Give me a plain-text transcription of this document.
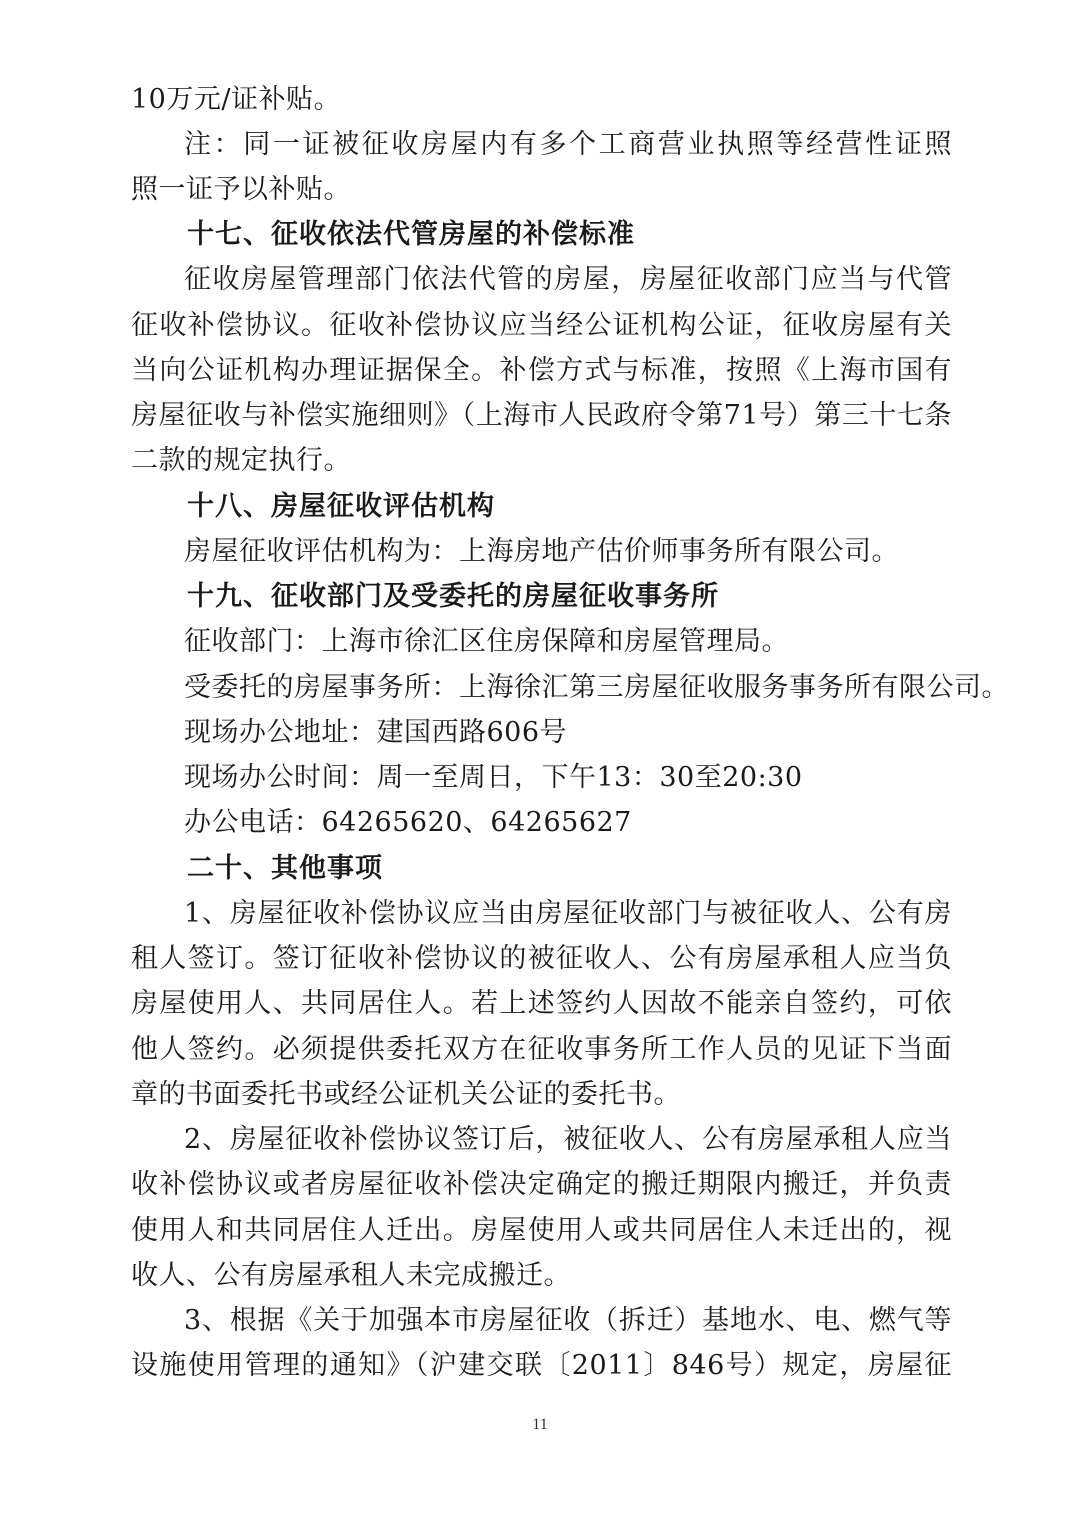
10万元/证补贴。
注：同一证被征收房屋内有多个工商营业执照等经营性证照
照一证予以补贴。
十七、征收依法代管房屋的补偿标准
征收房屋管理部门依法代管的房屋，房屋征收部门应当与代管
征收补偿协议。征收补偿协议应当经公证机构公证，征收房屋有关
当向公证机构办理证据保全。补偿方式与标准，按照《上海市国有
房屋征收与补偿实施细则》（上海市人民政府令第71号）第三十七条
二款的规定执行。
十八、房屋征收评估机构
房屋征收评估机构为：上海房地产估价师事务所有限公司。
十九、征收部门及受委托的房屋征收事务所
征收部门：上海市徐汇区住房保障和房屋管理局。
受委托的房屋事务所：上海徐汇第三房屋征收服务事务所有限公司。
现场办公地址：建国西路606号
现场办公时间：周一至周日，下午13：30至20:30
办公电话：64265620、64265627
二十、其他事项
1、房屋征收补偿协议应当由房屋征收部门与被征收人、公有房
租人签订。签订征收补偿协议的被征收人、公有房屋承租人应当负
房屋使用人、共同居住人。若上述签约人因故不能亲自签约，可依
他人签约。必须提供委托双方在征收事务所工作人员的见证下当面
章的书面委托书或经公证机关公证的委托书。
2、房屋征收补偿协议签订后，被征收人、公有房屋承租人应当
收补偿协议或者房屋征收补偿决定确定的搬迁期限内搬迁，并负责
使用人和共同居住人迁出。房屋使用人或共同居住人未迁出的，视
收人、公有房屋承租人未完成搬迁。
3、根据《关于加强本市房屋征收（拆迁）基地水、电、燃气等
设施使用管理的通知》（沪建交联〔2011〕846号）规定，房屋征
11
